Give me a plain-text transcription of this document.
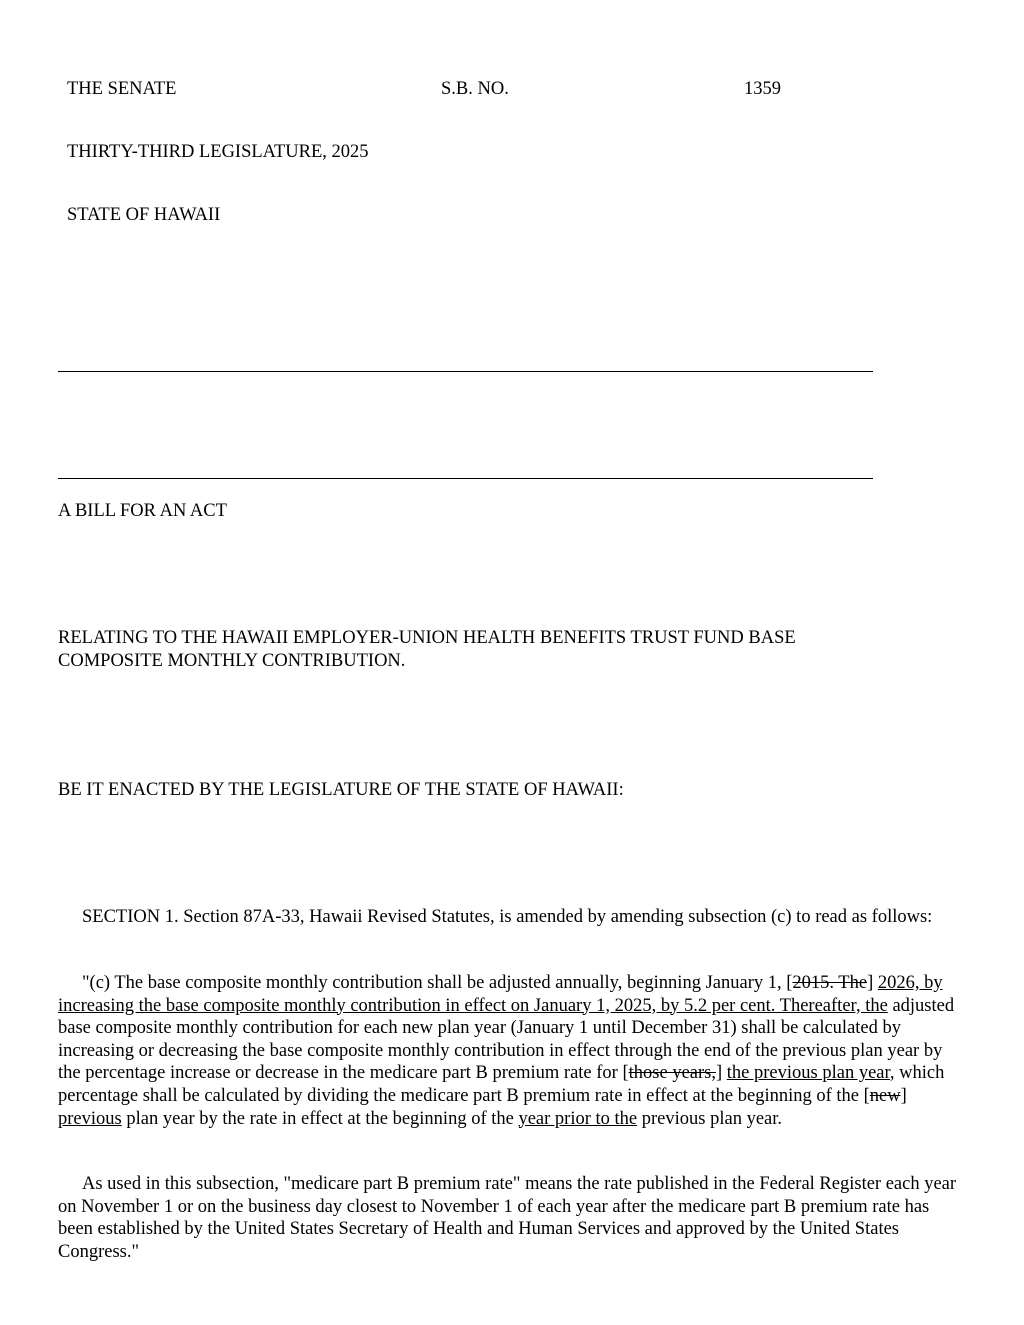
THE SENATE	S.B. NO.	1359
THIRTY-THIRD LEGISLATURE, 2025
STATE OF HAWAII
A BILL FOR AN ACT
RELATING TO THE HAWAII EMPLOYER-UNION HEALTH BENEFITS TRUST FUND BASE
COMPOSITE MONTHLY CONTRIBUTION.
BE IT ENACTED BY THE LEGISLATURE OF THE STATE OF HAWAII:

SECTION 1. Section 87A-33, Hawaii Revised Statutes, is amended by amending subsection (c) to read as follows:

"(c) The base composite monthly contribution shall be adjusted annually, beginning January 1, [2015. The] 2026, by increasing the base composite monthly contribution in effect on January 1, 2025, by 5.2 per cent. Thereafter, the adjusted base composite monthly contribution for each new plan year (January 1 until December 31) shall be calculated by increasing or decreasing the base composite monthly contribution in effect through the end of the previous plan year by the percentage increase or decrease in the medicare part B premium rate for [those years,] the previous plan year, which percentage shall be calculated by dividing the medicare part B premium rate in effect at the beginning of the [new] previous plan year by the rate in effect at the beginning of the year prior to the previous plan year.

As used in this subsection, "medicare part B premium rate" means the rate published in the Federal Register each year on November 1 or on the business day closest to November 1 of each year after the medicare part B premium rate has been established by the United States Secretary of Health and Human Services and approved by the United States Congress."
